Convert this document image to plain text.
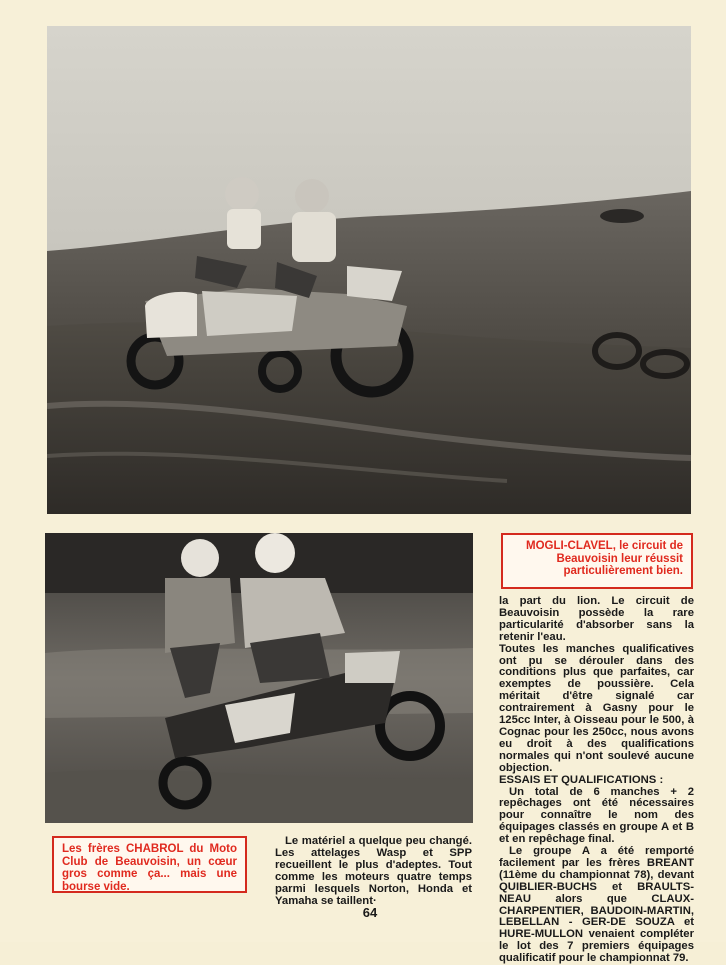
MOGLI-CLAVEL, le circuit de Beauvoisin leur réussit particulièrement bien.
Les frères CHABROL du Moto Club de Beauvoisin, un cœur gros comme ça... mais une bourse vide.

la part du lion. Le circuit de Beauvoisin possède la rare particularité d'absorber sans la retenir l'eau.

Toutes les manches qualificatives ont pu se dérouler dans des conditions plus que parfaites, car exemptes de poussière. Cela méritait d'être signalé car contrairement à Gasny pour le 125cc Inter, à Oisseau pour le 500, à Cognac pour les 250cc, nous avons eu droit à des qualifications normales qui n'ont soulevé aucune objection.

ESSAIS ET QUALIFICATIONS :

Un total de 6 manches + 2 repêchages ont été nécessaires pour connaître le nom des équipages classés en groupe A et B et en repêchage final.

Le groupe A a été remporté facilement par les frères BREANT (11ème du championnat 78), devant QUIBLIER-BUCHS et BRAULTS-NEAU alors que CLAUX-CHARPENTIER, BAUDOIN-MARTIN, LEBELLAN - GER-DE SOUZA et HURE-MULLON venaient compléter le lot des 7 premiers équipages qualificatif pour le championnat 79.

Le matériel a quelque peu changé. Les attelages Wasp et SPP recueillent le plus d'adeptes. Tout comme les moteurs quatre temps parmi lesquels Norton, Honda et Yamaha se taillent·

64
